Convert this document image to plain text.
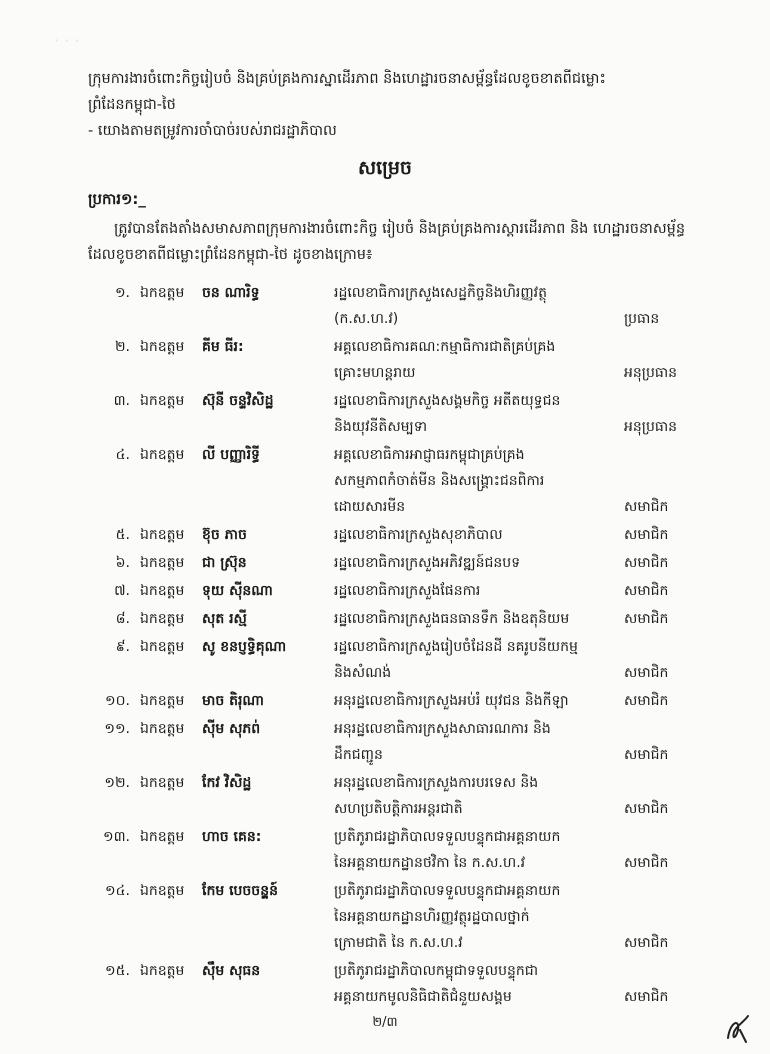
· · ·
ក្រុមការងារចំពោះកិច្ចរៀបចំ និងគ្រប់គ្រងការស្នាដើរភាព និងហេដ្ឋារចនាសម្ព័ន្ធដែលខូចខាតពីជម្លោះ
ព្រំដែនកម្ពុជា-ថៃ
- យោងតាមតម្រូវការចាំបាច់របស់រាជរដ្ឋាភិបាល
សម្រេច
ប្រការ១:_
ត្រូវបានតែងតាំងសមាសភាពក្រុមការងារចំពោះកិច្ច រៀបចំ និងគ្រប់គ្រងការស្តារដើរភាព និង ហេដ្ឋារចនាសម្ព័ន្ធ ដែលខូចខាតពីជម្លោះព្រំដែនកម្ពុជា-ថៃ ដូចខាងក្រោម៖
១. ឯកឧត្តម ចន ណារិទ្ធ	រដ្ឋលេខាធិការក្រសួងសេដ្ឋកិច្ចនិងហិរញ្ញវត្ថុ
(ក.ស.ហ.វ)	ប្រធាន
២. ឯកឧត្តម គីម ធីរ:	អគ្គលេខាធិការគណ:កម្មាធិការជាតិគ្រប់គ្រង
គ្រោះមហន្តរាយ	អនុប្រធាន
៣. ឯកឧត្តម ស៊ុនី ចន្ទវិសិដ្ឋ	រដ្ឋលេខាធិការក្រសួងសង្គមកិច្ច អតីតយុទ្ធជន
និងយុវនីតិសម្បទា	អនុប្រធាន
៤. ឯកឧត្តម លី បញ្ញារិទ្ធី	អគ្គលេខាធិការអាជ្ញាធរកម្ពុជាគ្រប់គ្រង
សកម្មភាពកំចាត់មីន និងសង្គ្រោះជនពិការ
ដោយសារមីន	សមាជិក
៥. ឯកឧត្តម ខ៊ុច ភាច	រដ្ឋលេខាធិការក្រសួងសុខាភិបាល	សមាជិក
៦. ឯកឧត្តម ជា ស្រ៊ុន	រដ្ឋលេខាធិការក្រសួងអភិវឌ្ឍន៍ជនបទ	សមាជិក
៧. ឯកឧត្តម ទុយ ស៊ីនណា	រដ្ឋលេខាធិការក្រសួងផែនការ	សមាជិក
៨. ឯកឧត្តម សុត រស្មី	រដ្ឋលេខាធិការក្រសួងធនធានទឹក និងឧតុនិយម	សមាជិក
៩. ឯកឧត្តម សូ ខនប្ញទ្ធិគុណា	រដ្ឋលេខាធិការក្រសួងរៀបចំដែនដី នគរូបនីយកម្ម
និងសំណង់	សមាជិក
១០. ឯកឧត្តម មាច តិរុណា	អនុរដ្ឋលេខាធិការក្រសួងអប់រំ យុវជន និងកីឡា	សមាជិក
១១. ឯកឧត្តម ស៊ីម សុភព់	អនុរដ្ឋលេខាធិការក្រសួងសាធារណការ និង
ដឹកជញ្ជូន	សមាជិក
១២. ឯកឧត្តម កែវ វិសិដ្ឋ	អនុរដ្ឋលេខាធិការក្រសួងការបរទេស និង
សហប្រតិបត្តិការអន្តរជាតិ	សមាជិក
១៣. ឯកឧត្តម ហាច គេន:	ប្រតិភូរាជរដ្ឋាភិបាលទទួលបន្ទុកជាអគ្គនាយក
នៃអគ្គនាយកដ្ឋានថវិកា នៃ ក.ស.ហ.វ	សមាជិក
១៤. ឯកឧត្តម កែម បេចចន្ត្ទន៍	ប្រតិភូរាជរដ្ឋាភិបាលទទួលបន្ទុកជាអគ្គនាយក
នៃអគ្គនាយកដ្ឋានហិរញ្ញវត្ថុរដ្ឋបាលថ្នាក់
ក្រោមជាតិ នៃ ក.ស.ហ.វ	សមាជិក
១៥. ឯកឧត្តម ស៊ឹម សុធន	ប្រតិភូរាជរដ្ឋាភិបាលកម្ពុជាទទួលបន្ទុកជា
អគ្គនាយកមូលនិធិជាតិជំនួយសង្គម	សមាជិក
២/៣
